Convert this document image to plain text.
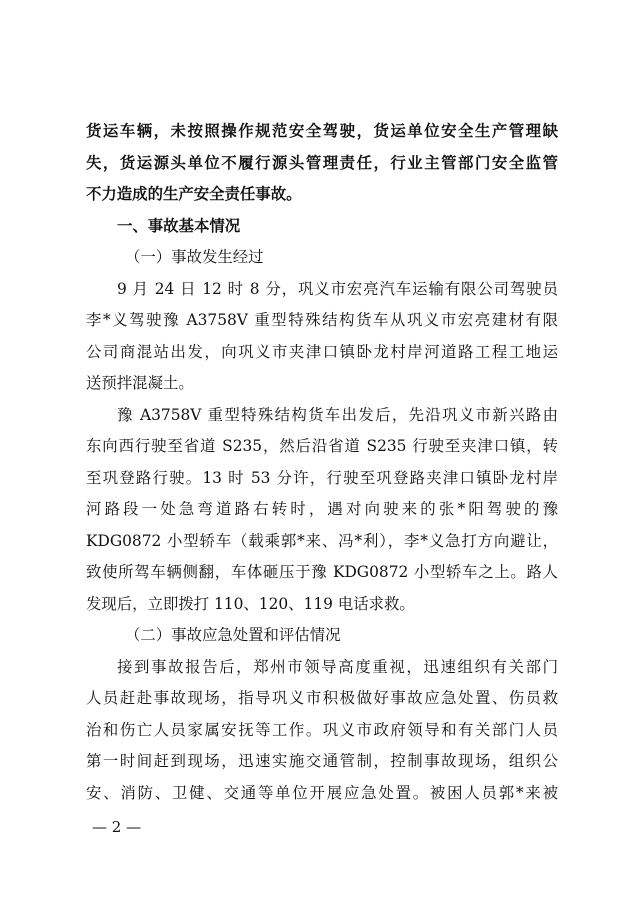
货运车辆，未按照操作规范安全驾驶，货运单位安全生产管理缺
失，货运源头单位不履行源头管理责任，行业主管部门安全监管
不力造成的生产安全责任事故。
一、事故基本情况
（一）事故发生经过
9 月 24 日 12 时 8 分，巩义市宏亮汽车运输有限公司驾驶员
李*义驾驶豫 A3758V 重型特殊结构货车从巩义市宏亮建材有限
公司商混站出发，向巩义市夹津口镇卧龙村岸河道路工程工地运
送预拌混凝土。
豫 A3758V 重型特殊结构货车出发后，先沿巩义市新兴路由
东向西行驶至省道 S235，然后沿省道 S235 行驶至夹津口镇，转
至巩登路行驶。13 时 53 分许，行驶至巩登路夹津口镇卧龙村岸
河路段一处急弯道路右转时，遇对向驶来的张*阳驾驶的豫
KDG0872 小型轿车（载乘郭*来、冯*利），李*义急打方向避让，
致使所驾车辆侧翻，车体砸压于豫 KDG0872 小型轿车之上。路人
发现后，立即拨打 110、120、119 电话求救。
（二）事故应急处置和评估情况
接到事故报告后，郑州市领导高度重视，迅速组织有关部门
人员赶赴事故现场，指导巩义市积极做好事故应急处置、伤员救
治和伤亡人员家属安抚等工作。巩义市政府领导和有关部门人员
第一时间赶到现场，迅速实施交通管制，控制事故现场，组织公
安、消防、卫健、交通等单位开展应急处置。被困人员郭*来被
— 2 —
